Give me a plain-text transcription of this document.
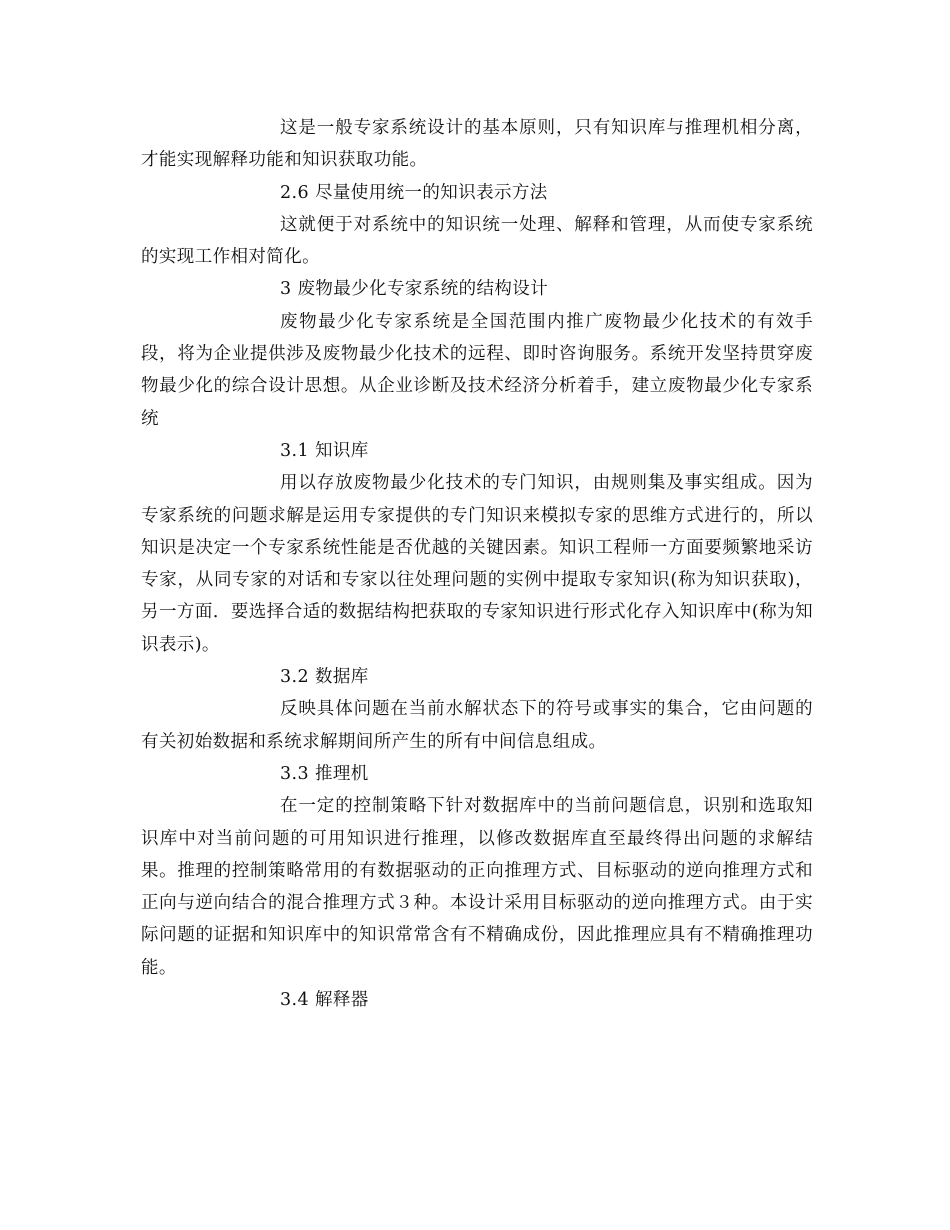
这是一般专家系统设计的基本原则，只有知识库与推理机相分离，才能实现解释功能和知识获取功能。

2.6 尽量使用统一的知识表示方法

这就便于对系统中的知识统一处理、解释和管理，从而使专家系统的实现工作相对简化。

3 废物最少化专家系统的结构设计

废物最少化专家系统是全国范围内推广废物最少化技术的有效手段，将为企业提供涉及废物最少化技术的远程、即时咨询服务。系统开发坚持贯穿废物最少化的综合设计思想。从企业诊断及技术经济分析着手，建立废物最少化专家系统

3.1 知识库

用以存放废物最少化技术的专门知识，由规则集及事实组成。因为专家系统的问题求解是运用专家提供的专门知识来模拟专家的思维方式进行的，所以知识是决定一个专家系统性能是否优越的关键因素。知识工程师一方面要频繁地采访专家，从同专家的对话和专家以往处理问题的实例中提取专家知识(称为知识获取)，另一方面．要选择合适的数据结构把获取的专家知识进行形式化存入知识库中(称为知识表示)。

3.2 数据库

反映具体问题在当前水解状态下的符号或事实的集合，它由问题的有关初始数据和系统求解期间所产生的所有中间信息组成。

3.3 推理机

在一定的控制策略下针对数据库中的当前问题信息，识别和选取知识库中对当前问题的可用知识进行推理，以修改数据库直至最终得出问题的求解结果。推理的控制策略常用的有数据驱动的正向推理方式、目标驱动的逆向推理方式和正向与逆向结合的混合推理方式３种。本设计采用目标驱动的逆向推理方式。由于实际问题的证据和知识库中的知识常常含有不精确成份，因此推理应具有不精确推理功能。

3.4 解释器
